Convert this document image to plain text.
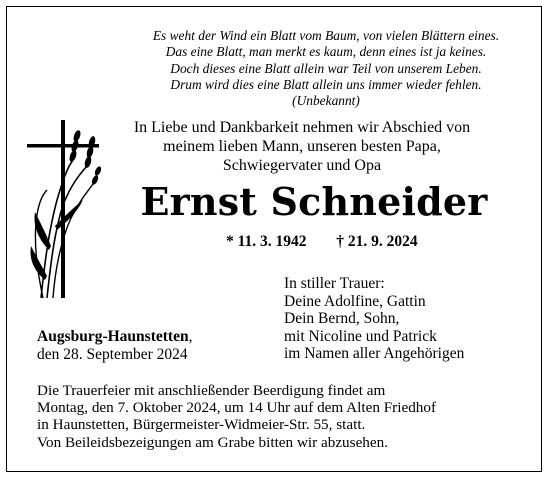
Es weht der Wind ein Blatt vom Baum, von vielen Blättern eines.
Das eine Blatt, man merkt es kaum, denn eines ist ja keines.
Doch dieses eine Blatt allein war Teil von unserem Leben.
Drum wird dies eine Blatt allein uns immer wieder fehlen.
(Unbekannt)
In Liebe und Dankbarkeit nehmen wir Abschied von
meinem lieben Mann, unseren besten Papa,
Schwiegervater und Opa
Ernst Schneider
* 11. 3. 1942 † 21. 9. 2024
In stiller Trauer:
Deine Adolfine, Gattin
Dein Bernd, Sohn,
mit Nicoline und Patrick
im Namen aller Angehörigen
Augsburg-Haunstetten,
den 28. September 2024
Die Trauerfeier mit anschließender Beerdigung findet am
Montag, den 7. Oktober 2024, um 14 Uhr auf dem Alten Friedhof
in Haunstetten, Bürgermeister-Widmeier-Str. 55, statt.
Von Beileidsbezeigungen am Grabe bitten wir abzusehen.
